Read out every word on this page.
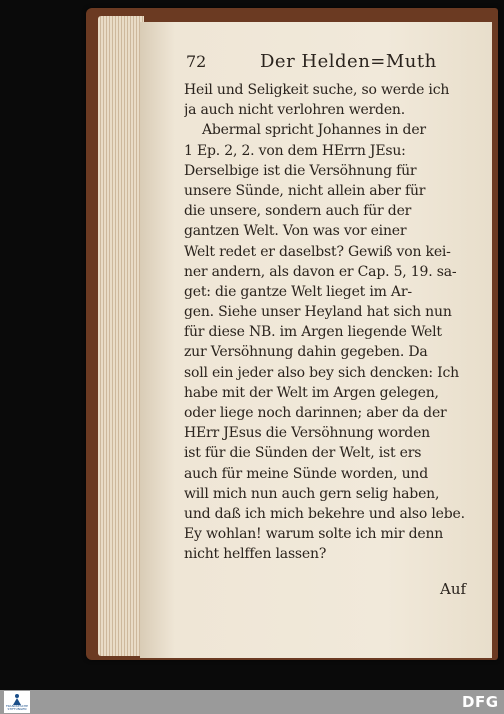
72	Der Helden=Muth
Heil und Seligkeit suche, so werde ich
ja auch nicht verlohren werden.
Abermal spricht Johannes in der
1 Ep. 2, 2. von dem HErrn JEsu:
Derselbige ist die Versöhnung für
unsere Sünde, nicht allein aber für
die unsere, sondern auch für der
gantzen Welt. Von was vor einer
Welt redet er daselbst? Gewiß von kei-
ner andern, als davon er Cap. 5, 19. sa-
get: die gantze Welt lieget im Ar-
gen. Siehe unser Heyland hat sich nun
für diese NB. im Argen liegende Welt
zur Versöhnung dahin gegeben. Da
soll ein jeder also bey sich dencken: Ich
habe mit der Welt im Argen gelegen,
oder liege noch darinnen; aber da der
HErr JEsus die Versöhnung worden
ist für die Sünden der Welt, ist ers
auch für meine Sünde worden, und
will mich nun auch gern selig haben,
und daß ich mich bekehre und also lebe.
Ey wohlan! warum solte ich mir denn
nicht helffen lassen?
Auf
FRANCKESCHE STIFTUNGEN	DFG
